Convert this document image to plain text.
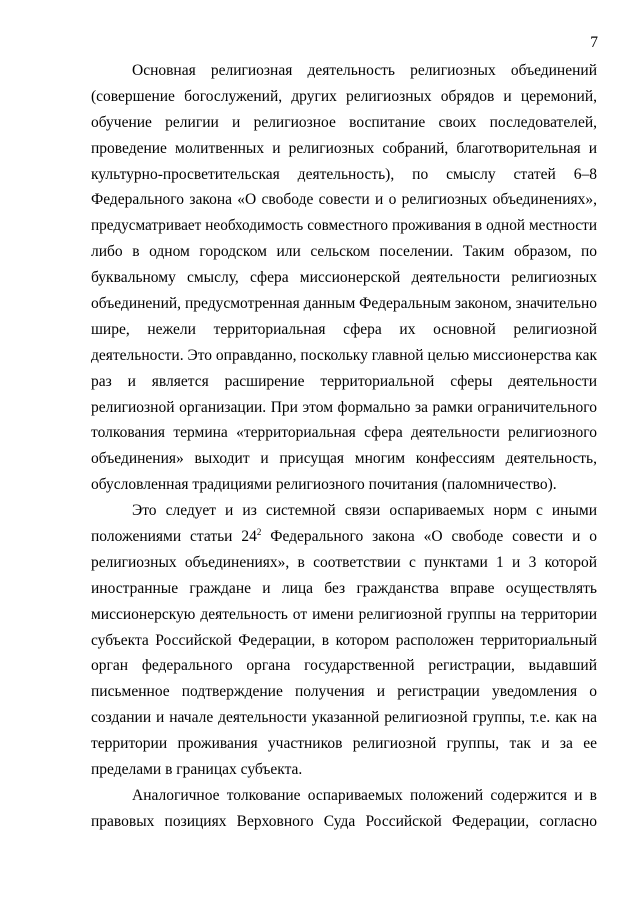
7
Основная религиозная деятельность религиозных объединений
(совершение богослужений, других религиозных обрядов и церемоний,
обучение религии и религиозное воспитание своих последователей,
проведение молитвенных и религиозных собраний, благотворительная и
культурно-просветительская деятельность), по смыслу статей 6–8
Федерального закона «О свободе совести и о религиозных объединениях»,
предусматривает необходимость совместного проживания в одной местности
либо в одном городском или сельском поселении. Таким образом, по
буквальному смыслу, сфера миссионерской деятельности религиозных
объединений, предусмотренная данным Федеральным законом, значительно
шире, нежели территориальная сфера их основной религиозной
деятельности. Это оправданно, поскольку главной целью миссионерства как
раз и является расширение территориальной сферы деятельности
религиозной организации. При этом формально за рамки ограничительного
толкования термина «территориальная сфера деятельности религиозного
объединения» выходит и присущая многим конфессиям деятельность,
обусловленная традициями религиозного почитания (паломничество).
Это следует и из системной связи оспариваемых норм с иными
положениями статьи $24^2$ Федерального закона «О свободе совести и о
религиозных объединениях», в соответствии с пунктами 1 и 3 которой
иностранные граждане и лица без гражданства вправе осуществлять
миссионерскую деятельность от имени религиозной группы на территории
субъекта Российской Федерации, в котором расположен территориальный
орган федерального органа государственной регистрации, выдавший
письменное подтверждение получения и регистрации уведомления о
создании и начале деятельности указанной религиозной группы, т.е. как на
территории проживания участников религиозной группы, так и за ее
пределами в границах субъекта.
Аналогичное толкование оспариваемых положений содержится и в
правовых позициях Верховного Суда Российской Федерации, согласно
